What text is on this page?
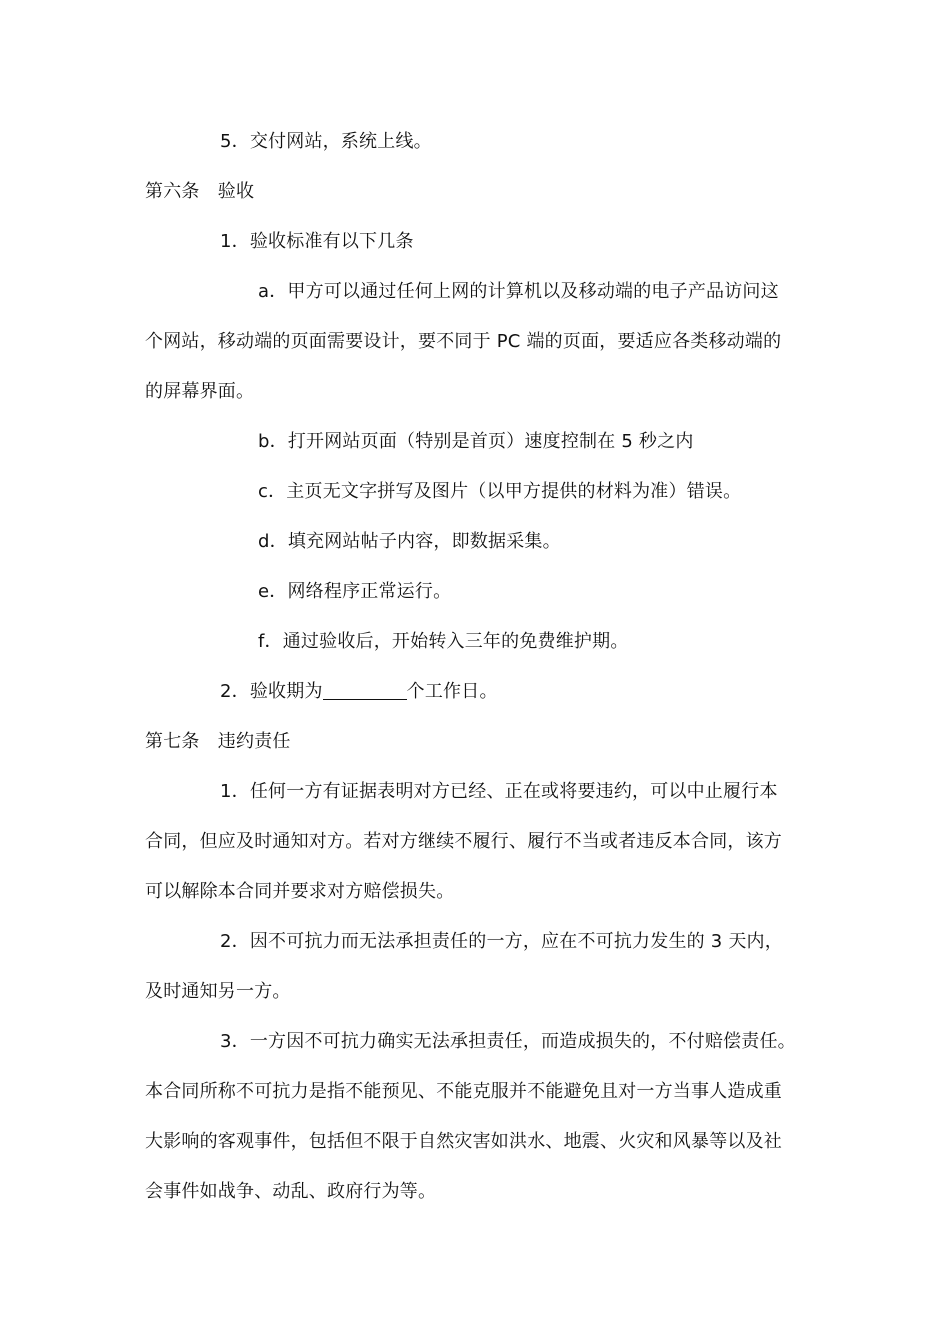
5．交付网站，系统上线。
第六条　验收
1．验收标准有以下几条
a．甲方可以通过任何上网的计算机以及移动端的电子产品访问这
个网站，移动端的页面需要设计，要不同于 PC 端的页面，要适应各类移动端的
的屏幕界面。
b．打开网站页面（特别是首页）速度控制在 5 秒之内
c．主页无文字拼写及图片（以甲方提供的材料为准）错误。
d．填充网站帖子内容，即数据采集。
e．网络程序正常运行。
f．通过验收后，开始转入三年的免费维护期。
2．验收期为	个工作日。
第七条　违约责任
1．任何一方有证据表明对方已经、正在或将要违约，可以中止履行本
合同，但应及时通知对方。若对方继续不履行、履行不当或者违反本合同，该方
可以解除本合同并要求对方赔偿损失。
2．因不可抗力而无法承担责任的一方，应在不可抗力发生的 3 天内，
及时通知另一方。
3．一方因不可抗力确实无法承担责任，而造成损失的，不付赔偿责任。
本合同所称不可抗力是指不能预见、不能克服并不能避免且对一方当事人造成重
大影响的客观事件，包括但不限于自然灾害如洪水、地震、火灾和风暴等以及社
会事件如战争、动乱、政府行为等。
